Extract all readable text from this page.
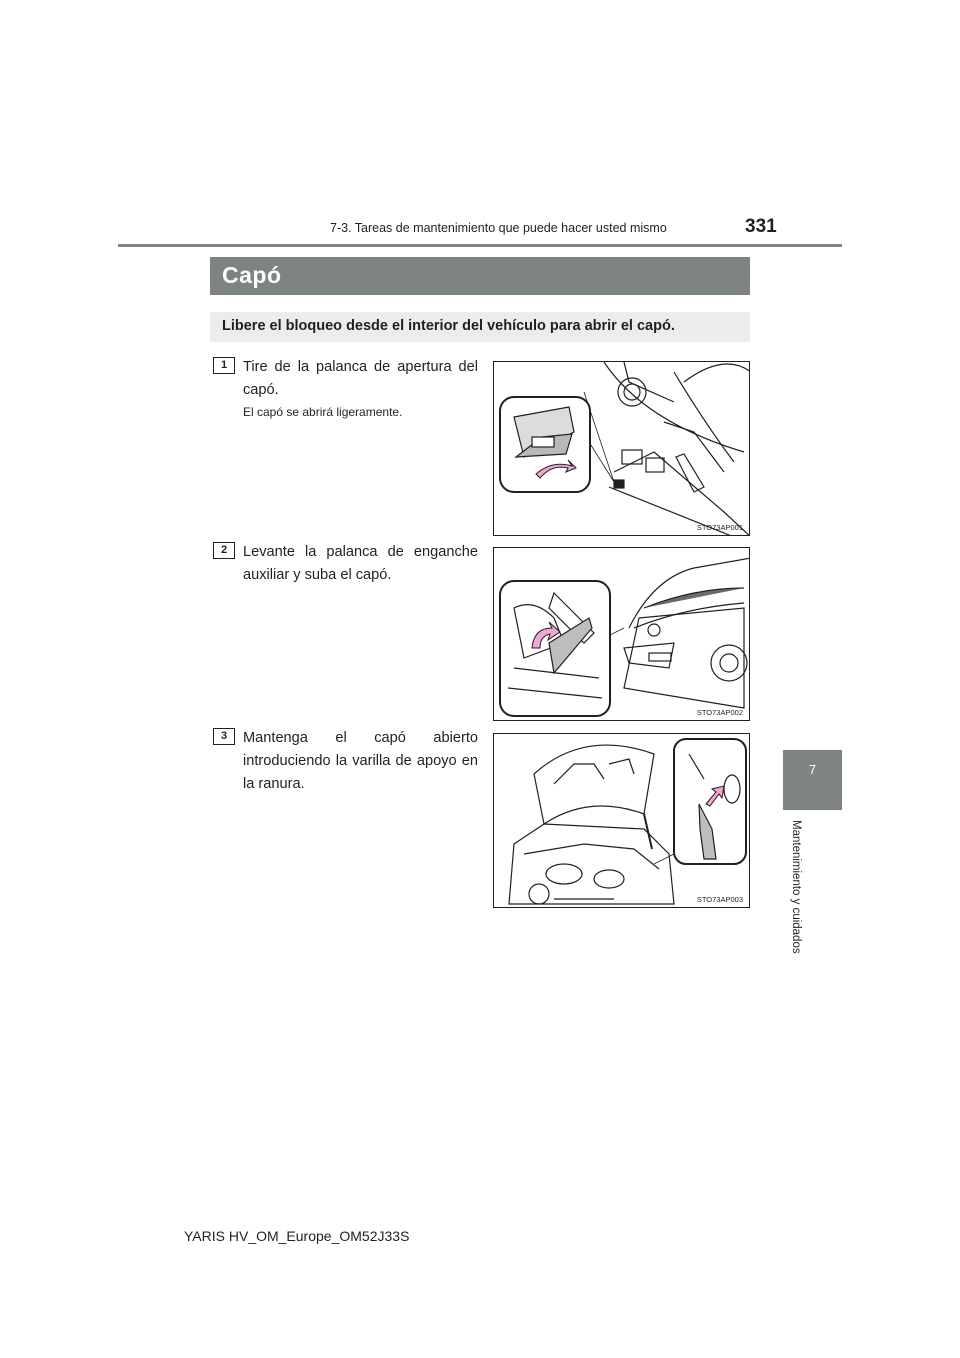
7-3. Tareas de mantenimiento que puede hacer usted mismo	331
7
Mantenimiento y cuidados
Capó
Libere el bloqueo desde el interior del vehículo para abrir el capó.
1	Tire de la palanca de apertura del capó.
El capó se abrirá ligeramente.
STO73AP001
2	Levante la palanca de enganche auxiliar y suba el capó.
STO73AP002
3	Mantenga el capó abierto introduciendo la varilla de apoyo en la ranura.
STO73AP003
YARIS HV_OM_Europe_OM52J33S
